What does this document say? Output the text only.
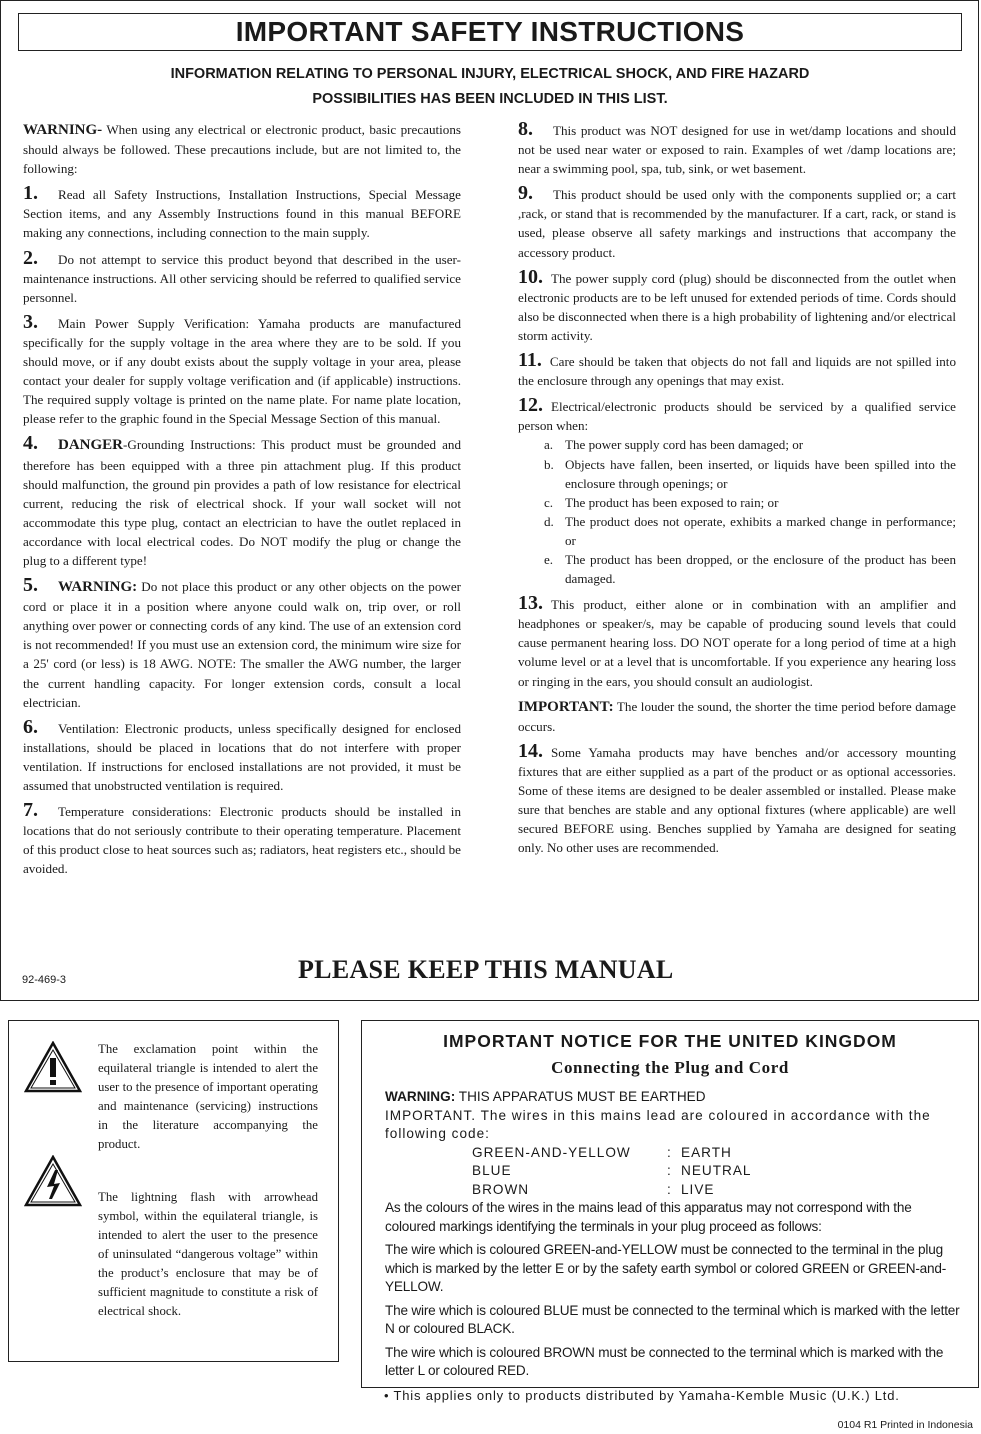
IMPORTANT SAFETY INSTRUCTIONS
INFORMATION RELATING TO PERSONAL INJURY, ELECTRICAL SHOCK, AND FIRE HAZARD
POSSIBILITIES HAS BEEN INCLUDED IN THIS LIST.

WARNING- When using any electrical or electronic product, basic precautions should always be followed. These precautions include, but are not limited to, the following:

1. Read all Safety Instructions, Installation Instructions, Special Message Section items, and any Assembly Instructions found in this manual BEFORE making any connections, including connection to the main supply.

2. Do not attempt to service this product beyond that described in the user-maintenance instructions. All other servicing should be referred to qualified service personnel.

3. Main Power Supply Verification: Yamaha products are manufactured specifically for the supply voltage in the area where they are to be sold. If you should move, or if any doubt exists about the supply voltage in your area, please contact your dealer for supply voltage verification and (if applicable) instructions. The required supply voltage is printed on the name plate. For name plate location, please refer to the graphic found in the Special Message Section of this manual.

4. DANGER-Grounding Instructions: This product must be grounded and therefore has been equipped with a three pin attachment plug. If this product should malfunction, the ground pin provides a path of low resistance for electrical current, reducing the risk of electrical shock. If your wall socket will not accommodate this type plug, contact an electrician to have the outlet replaced in accordance with local electrical codes. Do NOT modify the plug or change the plug to a different type!

5. WARNING: Do not place this product or any other objects on the power cord or place it in a position where anyone could walk on, trip over, or roll anything over power or connecting cords of any kind. The use of an extension cord is not recommended! If you must use an extension cord, the minimum wire size for a 25' cord (or less) is 18 AWG. NOTE: The smaller the AWG number, the larger the current handling capacity. For longer extension cords, consult a local electrician.

6. Ventilation: Electronic products, unless specifically designed for enclosed installations, should be placed in locations that do not interfere with proper ventilation. If instructions for enclosed installations are not provided, it must be assumed that unobstructed ventilation is required.

7. Temperature considerations: Electronic products should be installed in locations that do not seriously contribute to their operating temperature. Placement of this product close to heat sources such as; radiators, heat registers etc., should be avoided.

8. This product was NOT designed for use in wet/damp locations and should not be used near water or exposed to rain. Examples of wet /damp locations are; near a swimming pool, spa, tub, sink, or wet basement.

9. This product should be used only with the components supplied or; a cart ,rack, or stand that is recommended by the manufacturer. If a cart, rack, or stand is used, please observe all safety markings and instructions that accompany the accessory product.

10. The power supply cord (plug) should be disconnected from the outlet when electronic products are to be left unused for extended periods of time. Cords should also be disconnected when there is a high probability of lightening and/or electrical storm activity.

11. Care should be taken that objects do not fall and liquids are not spilled into the enclosure through any openings that may exist.

12. Electrical/electronic products should be serviced by a qualified service person when:

a. The power supply cord has been damaged; or
b. Objects have fallen, been inserted, or liquids have been spilled into the enclosure through openings; or
c. The product has been exposed to rain; or
d. The product does not operate, exhibits a marked change in performance; or
e. The product has been dropped, or the enclosure of the product has been damaged.

13. This product, either alone or in combination with an amplifier and headphones or speaker/s, may be capable of producing sound levels that could cause permanent hearing loss. DO NOT operate for a long period of time at a high volume level or at a level that is uncomfortable. If you experience any hearing loss or ringing in the ears, you should consult an audiologist.

IMPORTANT: The louder the sound, the shorter the time period before damage occurs.

14. Some Yamaha products may have benches and/or accessory mounting fixtures that are either supplied as a part of the product or as optional accessories. Some of these items are designed to be dealer assembled or installed. Please make sure that benches are stable and any optional fixtures (where applicable) are well secured BEFORE using. Benches supplied by Yamaha are designed for seating only. No other uses are recommended.

92-469-3	PLEASE KEEP THIS MANUAL
The exclamation point within the equilateral triangle is intended to alert the user to the presence of important operating and maintenance (servicing) instructions in the literature accompanying the product.
The lightning flash with arrowhead symbol, within the equilateral triangle, is intended to alert the user to the presence of uninsulated “dangerous voltage” within the product’s enclosure that may be of sufficient magnitude to constitute a risk of electrical shock.
IMPORTANT NOTICE FOR THE UNITED KINGDOM
Connecting the Plug and Cord

WARNING: THIS APPARATUS MUST BE EARTHED

IMPORTANT. The wires in this mains lead are coloured in accordance with the following code:

GREEN-AND-YELLOW	: EARTH
BLUE	: NEUTRAL
BROWN	: LIVE

As the colours of the wires in the mains lead of this apparatus may not correspond with the coloured markings identifying the terminals in your plug proceed as follows:

The wire which is coloured GREEN-and-YELLOW must be connected to the terminal in the plug which is marked by the letter E or by the safety earth symbol or colored GREEN or GREEN-and-YELLOW.

The wire which is coloured BLUE must be connected to the terminal which is marked with the letter N or coloured BLACK.

The wire which is coloured BROWN must be connected to the terminal which is marked with the letter L or coloured RED.

• This applies only to products distributed by Yamaha-Kemble Music (U.K.) Ltd.
0104 R1 Printed in Indonesia
